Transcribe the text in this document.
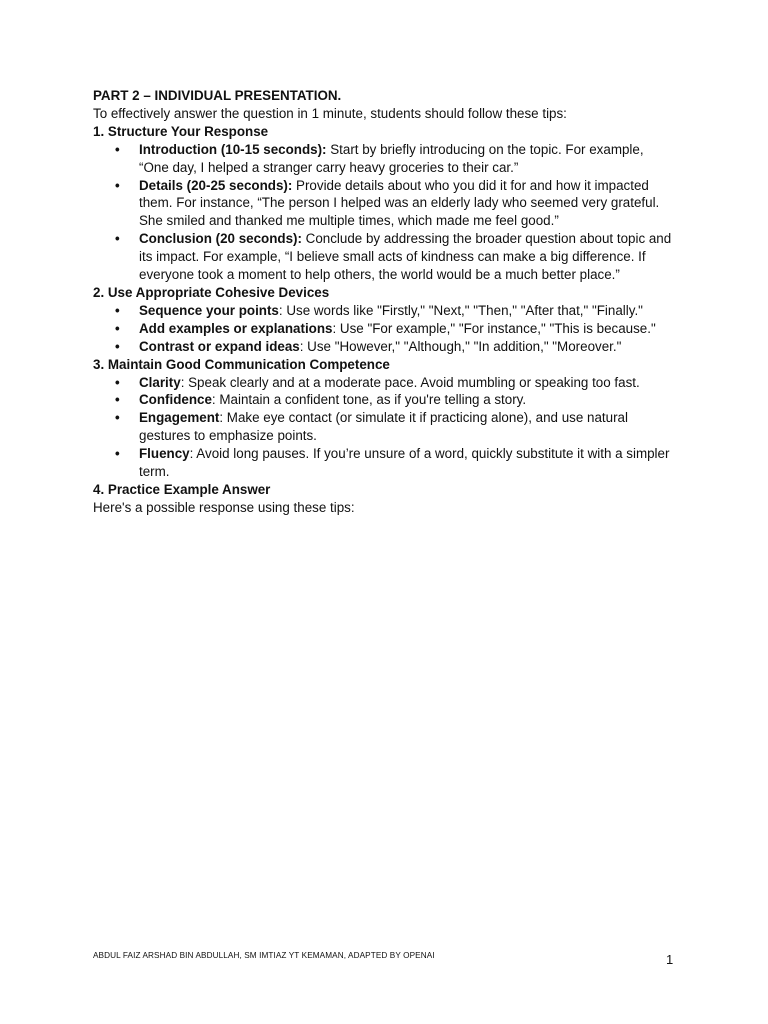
PART 2 – INDIVIDUAL PRESENTATION.

To effectively answer the question in 1 minute, students should follow these tips:

1. Structure Your Response

• Introduction (10-15 seconds): Start by briefly introducing on the topic. For example, “One day, I helped a stranger carry heavy groceries to their car.”
• Details (20-25 seconds): Provide details about who you did it for and how it impacted them. For instance, “The person I helped was an elderly lady who seemed very grateful. She smiled and thanked me multiple times, which made me feel good.”
• Conclusion (20 seconds): Conclude by addressing the broader question about topic and its impact. For example, “I believe small acts of kindness can make a big difference. If everyone took a moment to help others, the world would be a much better place.”

2. Use Appropriate Cohesive Devices

• Sequence your points: Use words like "Firstly," "Next," "Then," "After that," "Finally."
• Add examples or explanations: Use "For example," "For instance," "This is because."
• Contrast or expand ideas: Use "However," "Although," "In addition," "Moreover."

3. Maintain Good Communication Competence

• Clarity: Speak clearly and at a moderate pace. Avoid mumbling or speaking too fast.
• Confidence: Maintain a confident tone, as if you're telling a story.
• Engagement: Make eye contact (or simulate it if practicing alone), and use natural gestures to emphasize points.
• Fluency: Avoid long pauses. If you’re unsure of a word, quickly substitute it with a simpler term.

4. Practice Example Answer

Here's a possible response using these tips:

ABDUL FAIZ ARSHAD BIN ABDULLAH, SM IMTIAZ YT KEMAMAN, ADAPTED BY OPENAI	1
